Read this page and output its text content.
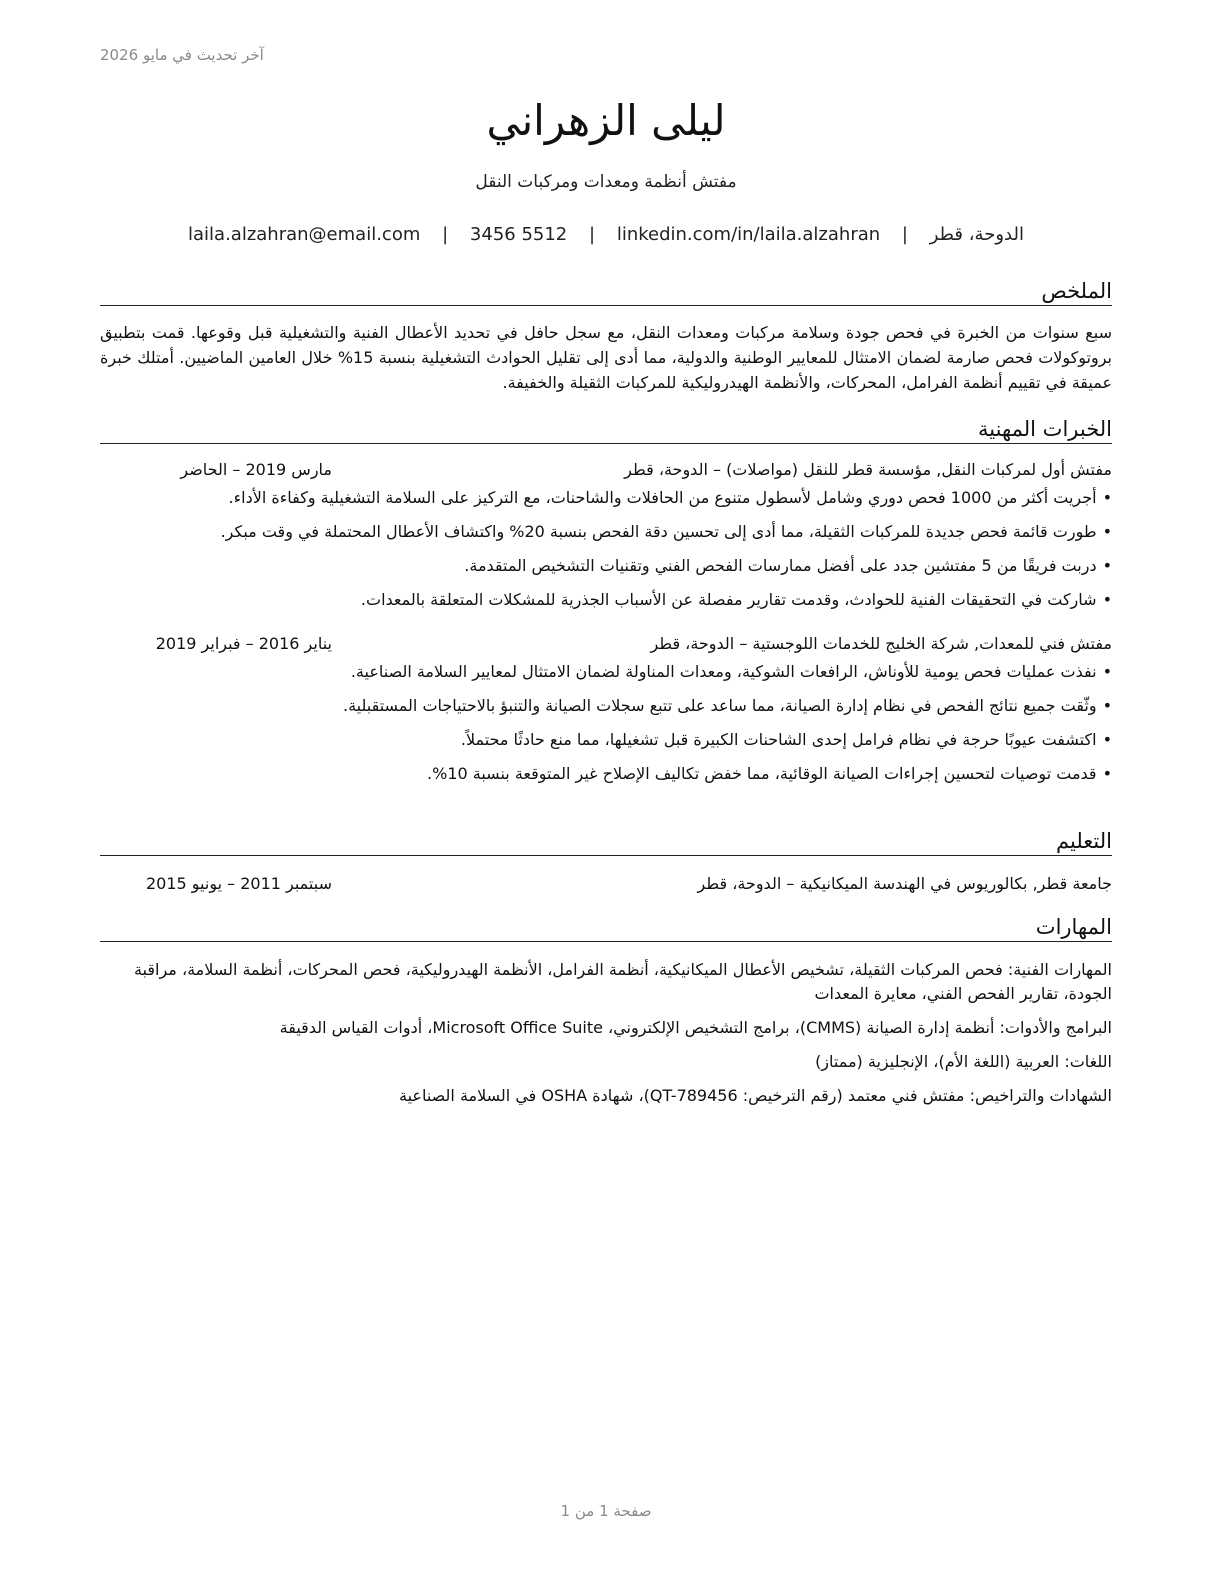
آخر تحديث في مايو 2026
ليلى الزهراني
مفتش أنظمة ومعدات ومركبات النقل
الدوحة، قطر | laila.alzahran@email.com | 3456 5512 | linkedin.com/in/laila.alzahran
الملخص

سبع سنوات من الخبرة في فحص جودة وسلامة مركبات ومعدات النقل، مع سجل حافل في تحديد الأعطال الفنية والتشغيلية قبل وقوعها. قمت بتطبيق بروتوكولات فحص صارمة لضمان الامتثال للمعايير الوطنية والدولية، مما أدى إلى تقليل الحوادث التشغيلية بنسبة 15% خلال العامين الماضيين. أمتلك خبرة عميقة في تقييم أنظمة الفرامل، المحركات، والأنظمة الهيدروليكية للمركبات الثقيلة والخفيفة.

الخبرات المهنية
مفتش أول لمركبات النقل, مؤسسة قطر للنقل (مواصلات) – الدوحة، قطر
مارس 2019 – الحاضر
• أجريت أكثر من 1000 فحص دوري وشامل لأسطول متنوع من الحافلات والشاحنات، مع التركيز على السلامة التشغيلية وكفاءة الأداء.
• طورت قائمة فحص جديدة للمركبات الثقيلة، مما أدى إلى تحسين دقة الفحص بنسبة 20% واكتشاف الأعطال المحتملة في وقت مبكر.
• دربت فريقًا من 5 مفتشين جدد على أفضل ممارسات الفحص الفني وتقنيات التشخيص المتقدمة.
• شاركت في التحقيقات الفنية للحوادث، وقدمت تقارير مفصلة عن الأسباب الجذرية للمشكلات المتعلقة بالمعدات.
مفتش فني للمعدات, شركة الخليج للخدمات اللوجستية – الدوحة، قطر
يناير 2016 – فبراير 2019
• نفذت عمليات فحص يومية للأوناش، الرافعات الشوكية، ومعدات المناولة لضمان الامتثال لمعايير السلامة الصناعية.
• وثّقت جميع نتائج الفحص في نظام إدارة الصيانة، مما ساعد على تتبع سجلات الصيانة والتنبؤ بالاحتياجات المستقبلية.
• اكتشفت عيوبًا حرجة في نظام فرامل إحدى الشاحنات الكبيرة قبل تشغيلها، مما منع حادثًا محتملاً.
• قدمت توصيات لتحسين إجراءات الصيانة الوقائية، مما خفض تكاليف الإصلاح غير المتوقعة بنسبة 10%.
التعليم
جامعة قطر, بكالوريوس في الهندسة الميكانيكية – الدوحة، قطر
سبتمبر 2011 – يونيو 2015
المهارات

المهارات الفنية: فحص المركبات الثقيلة، تشخيص الأعطال الميكانيكية، أنظمة الفرامل، الأنظمة الهيدروليكية، فحص المحركات، أنظمة السلامة، مراقبة الجودة، تقارير الفحص الفني، معايرة المعدات

البرامج والأدوات: أنظمة إدارة الصيانة (CMMS)، برامج التشخيص الإلكتروني، Microsoft Office Suite، أدوات القياس الدقيقة

اللغات: العربية (اللغة الأم)، الإنجليزية (ممتاز)

الشهادات والتراخيص: مفتش فني معتمد (رقم الترخيص: QT-789456)، شهادة OSHA في السلامة الصناعية

صفحة 1 من 1
